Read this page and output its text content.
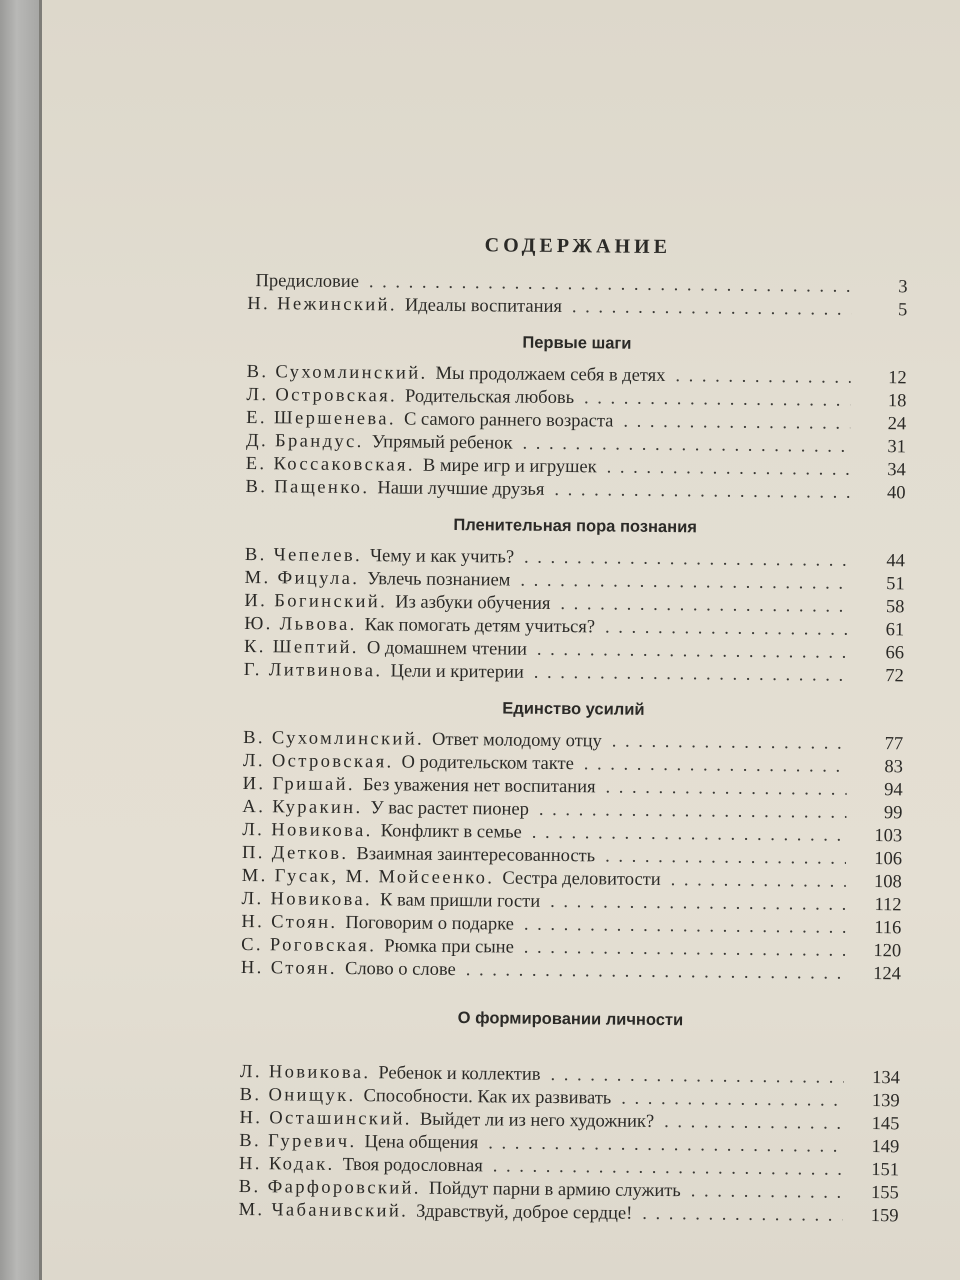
СОДЕРЖАНИЕ
Предисловие . . .	3
Н. Нежинский. Идеалы воспитания . . .	5
Первые шаги
В. Сухомлинский. Мы продолжаем себя в детях . . .	12
Л. Островская. Родительская любовь . . .	18
Е. Шершенева. С самого раннего возраста . . .	24
Д. Брандус. Упрямый ребенок . . .	31
Е. Коссаковская. В мире игр и игрушек . . .	34
В. Пащенко. Наши лучшие друзья . . .	40
Пленительная пора познания
В. Чепелев. Чему и как учить? . . .	44
М. Фицула. Увлечь познанием . . .	51
И. Богинский. Из азбуки обучения . . .	58
Ю. Львова. Как помогать детям учиться? . . .	61
К. Шептий. О домашнем чтении . . .	66
Г. Литвинова. Цели и критерии . . .	72
Единство усилий
В. Сухомлинский. Ответ молодому отцу . . .	77
Л. Островская. О родительском такте . . .	83
И. Гришай. Без уважения нет воспитания . . .	94
А. Куракин. У вас растет пионер . . .	99
Л. Новикова. Конфликт в семье . . .	103
П. Детков. Взаимная заинтересованность . . .	106
М. Гусак, М. Мойсеенко. Сестра деловитости . . .	108
Л. Новикова. К вам пришли гости . . .	112
Н. Стоян. Поговорим о подарке . . .	116
С. Роговская. Рюмка при сыне . . .	120
Н. Стоян. Слово о слове . . .	124
О формировании личности
Л. Новикова. Ребенок и коллектив . . .	134
В. Онищук. Способности. Как их развивать . . .	139
Н. Осташинский. Выйдет ли из него художник? . . .	145
В. Гуревич. Цена общения . . .	149
Н. Кодак. Твоя родословная . . .	151
В. Фарфоровский. Пойдут парни в армию служить . . .	155
М. Чабанивский. Здравствуй, доброе сердце! . . .	159
